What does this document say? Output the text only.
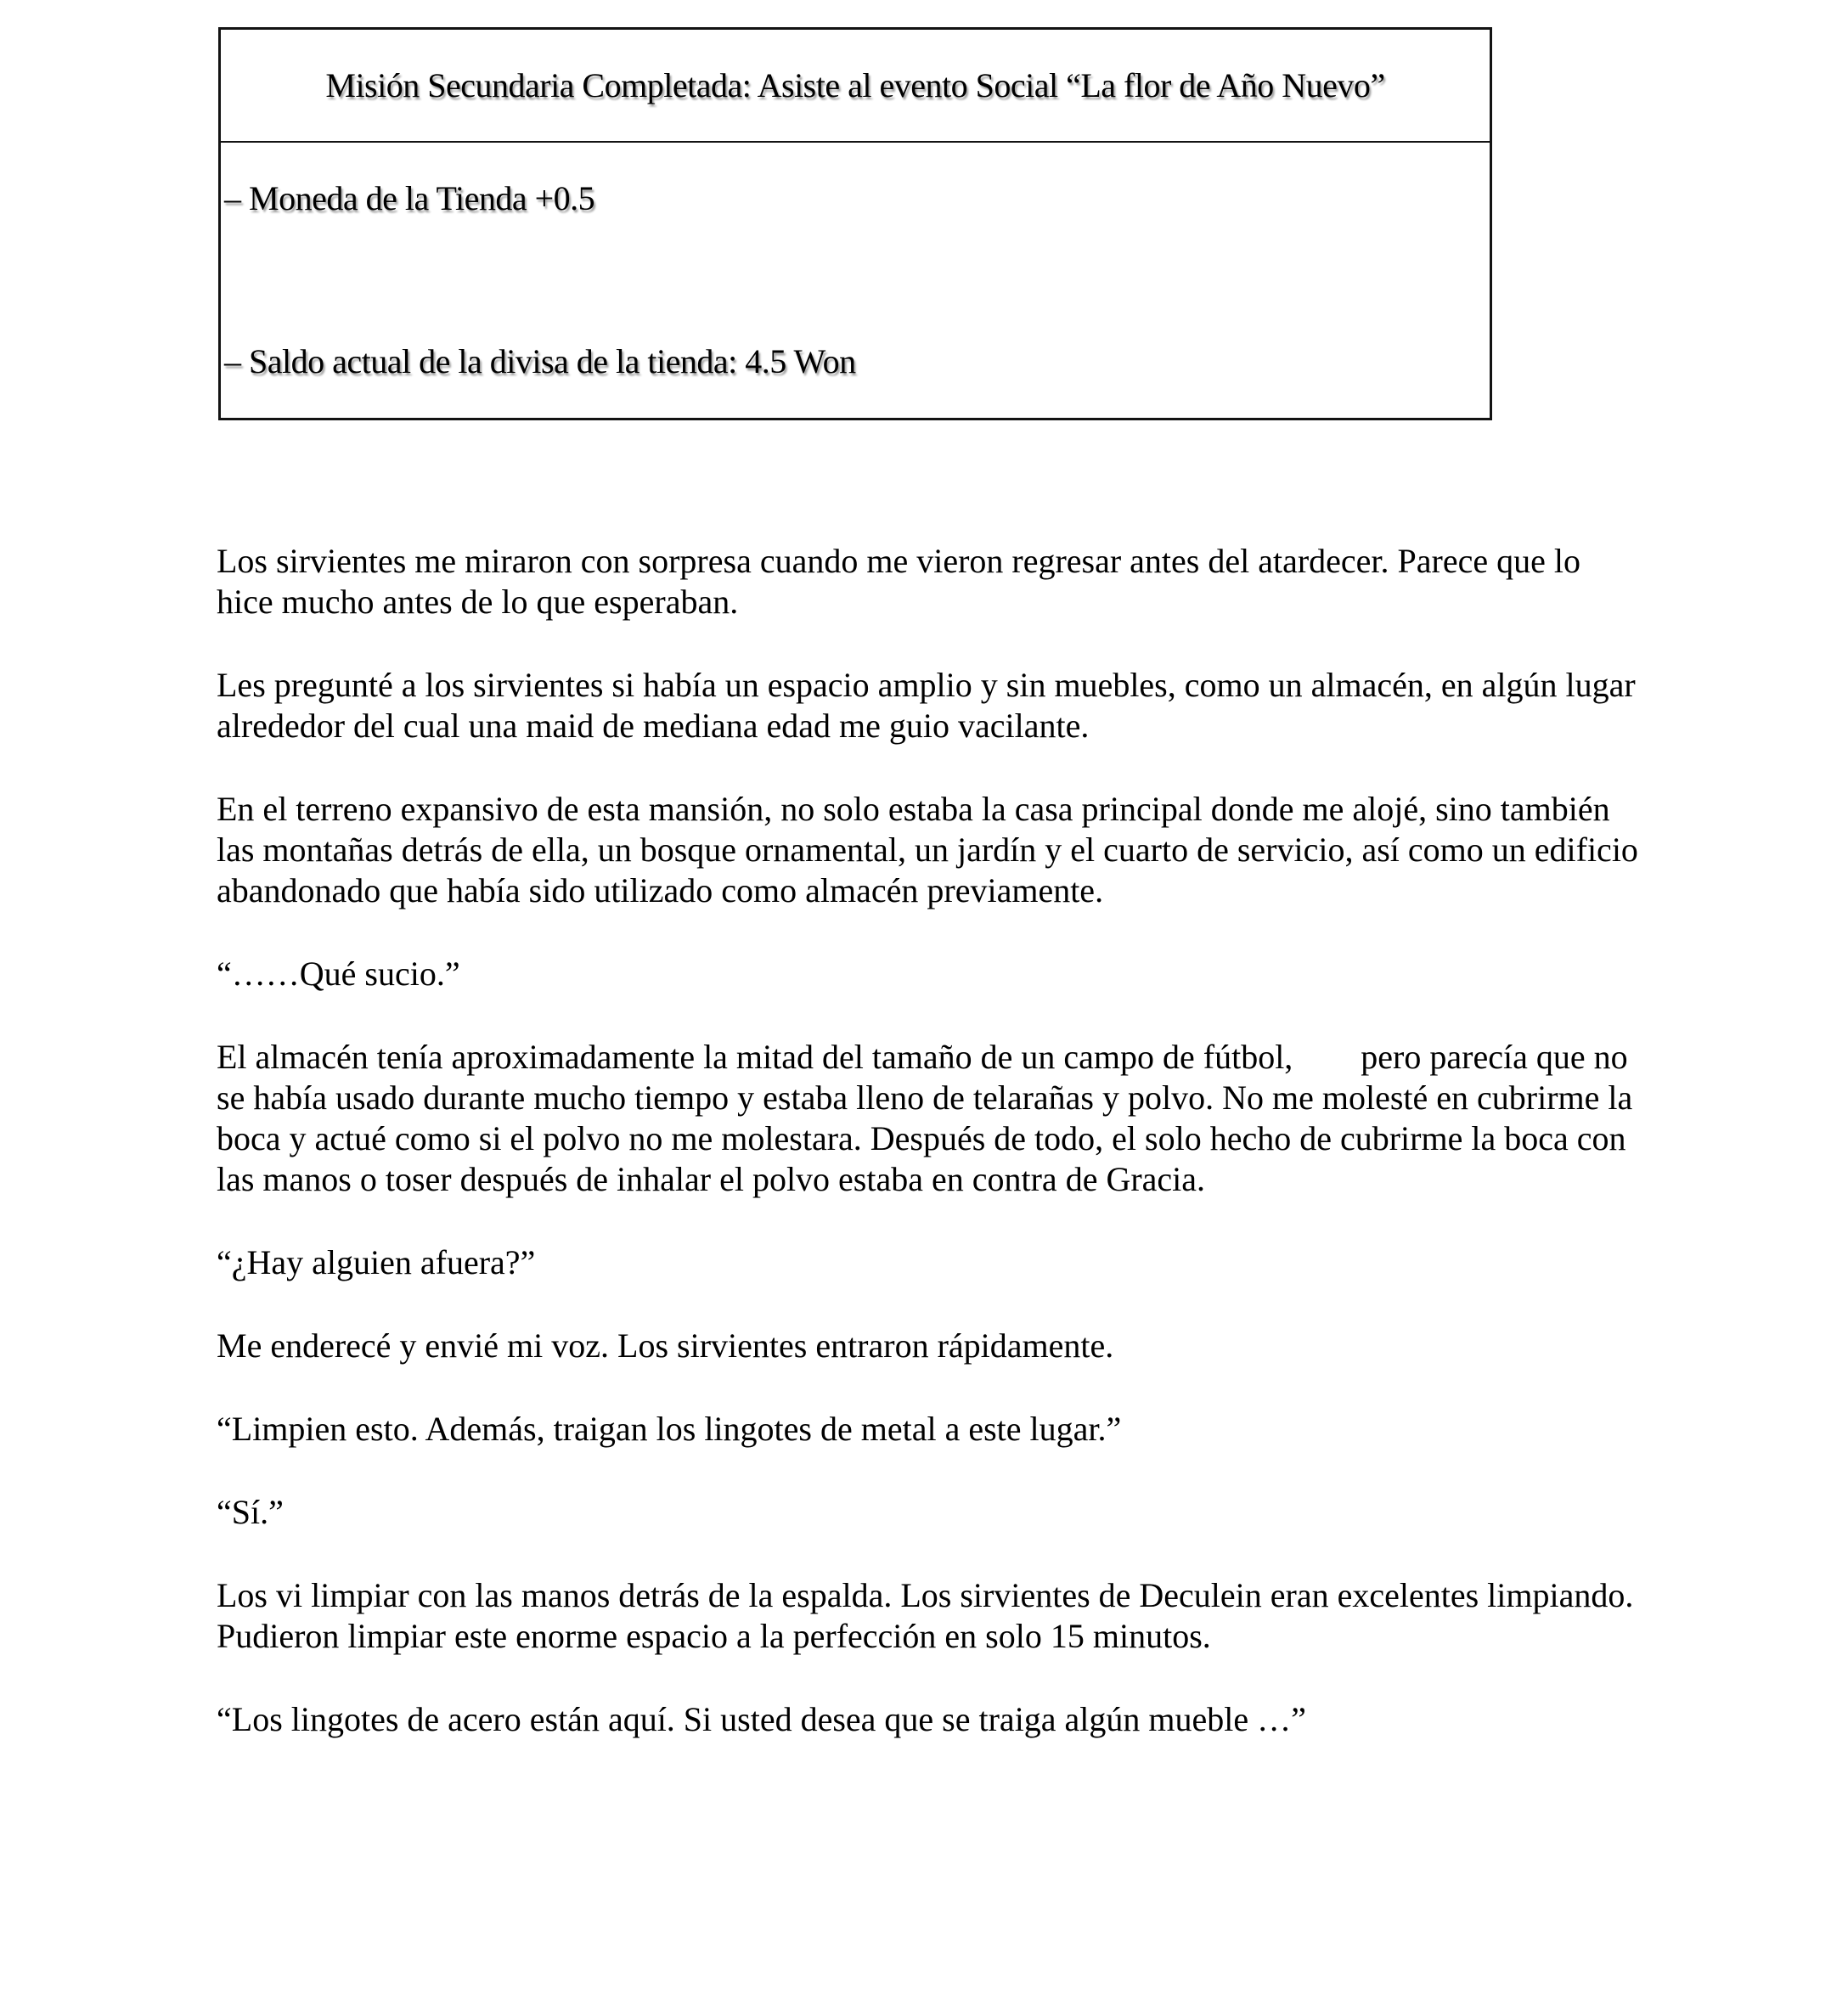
Misión Secundaria Completada: Asiste al evento Social “La flor de Año Nuevo”
– Moneda de la Tienda +0.5
– Saldo actual de la divisa de la tienda: 4.5 Won

Los sirvientes me miraron con sorpresa cuando me vieron regresar antes del atardecer. Parece que lo hice mucho antes de lo que esperaban.

Les pregunté a los sirvientes si había un espacio amplio y sin muebles, como un almacén, en algún lugar alrededor del cual una maid de mediana edad me guio vacilante.

En el terreno expansivo de esta mansión, no solo estaba la casa principal donde me alojé, sino también las montañas detrás de ella, un bosque ornamental, un jardín y el cuarto de servicio, así como un edificio abandonado que había sido utilizado como almacén previamente.

“……Qué sucio.”

El almacén tenía aproximadamente la mitad del tamaño de un campo de fútbol,        pero parecía que no se había usado durante mucho tiempo y estaba lleno de telarañas y polvo. No me molesté en cubrirme la boca y actué como si el polvo no me molestara. Después de todo, el solo hecho de cubrirme la boca con las manos o toser después de inhalar el polvo estaba en contra de Gracia.

“¿Hay alguien afuera?”

Me enderecé y envié mi voz. Los sirvientes entraron rápidamente.

“Limpien esto. Además, traigan los lingotes de metal a este lugar.”

“Sí.”

Los vi limpiar con las manos detrás de la espalda. Los sirvientes de Deculein eran excelentes limpiando. Pudieron limpiar este enorme espacio a la perfección en solo 15 minutos.

“Los lingotes de acero están aquí. Si usted desea que se traiga algún mueble …”
